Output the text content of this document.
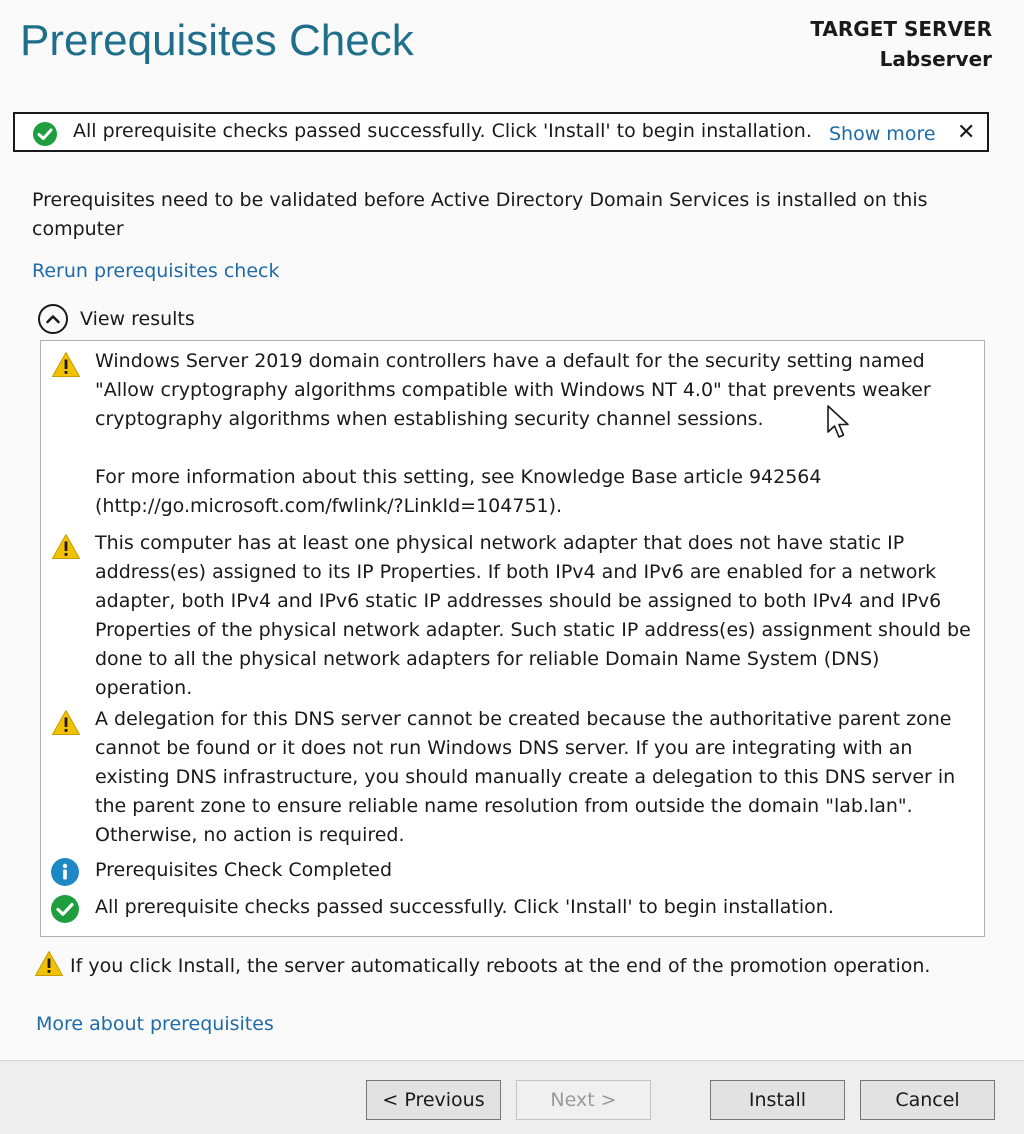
Prerequisites Check	TARGET SERVER
Labserver
All prerequisite checks passed successfully. Click 'Install' to begin installation. Show more ✕
Prerequisites need to be validated before Active Directory Domain Services is installed on this computer
Rerun prerequisites check
View results
Windows Server 2019 domain controllers have a default for the security setting named "Allow cryptography algorithms compatible with Windows NT 4.0" that prevents weaker cryptography algorithms when establishing security channel sessions.

For more information about this setting, see Knowledge Base article 942564 (http://go.microsoft.com/fwlink/?LinkId=104751).
This computer has at least one physical network adapter that does not have static IP address(es) assigned to its IP Properties. If both IPv4 and IPv6 are enabled for a network adapter, both IPv4 and IPv6 static IP addresses should be assigned to both IPv4 and IPv6 Properties of the physical network adapter. Such static IP address(es) assignment should be done to all the physical network adapters for reliable Domain Name System (DNS) operation.
A delegation for this DNS server cannot be created because the authoritative parent zone cannot be found or it does not run Windows DNS server. If you are integrating with an existing DNS infrastructure, you should manually create a delegation to this DNS server in the parent zone to ensure reliable name resolution from outside the domain "lab.lan". Otherwise, no action is required.
Prerequisites Check Completed
All prerequisite checks passed successfully. Click 'Install' to begin installation.
If you click Install, the server automatically reboots at the end of the promotion operation.
More about prerequisites
< Previous	Next >	Install	Cancel
